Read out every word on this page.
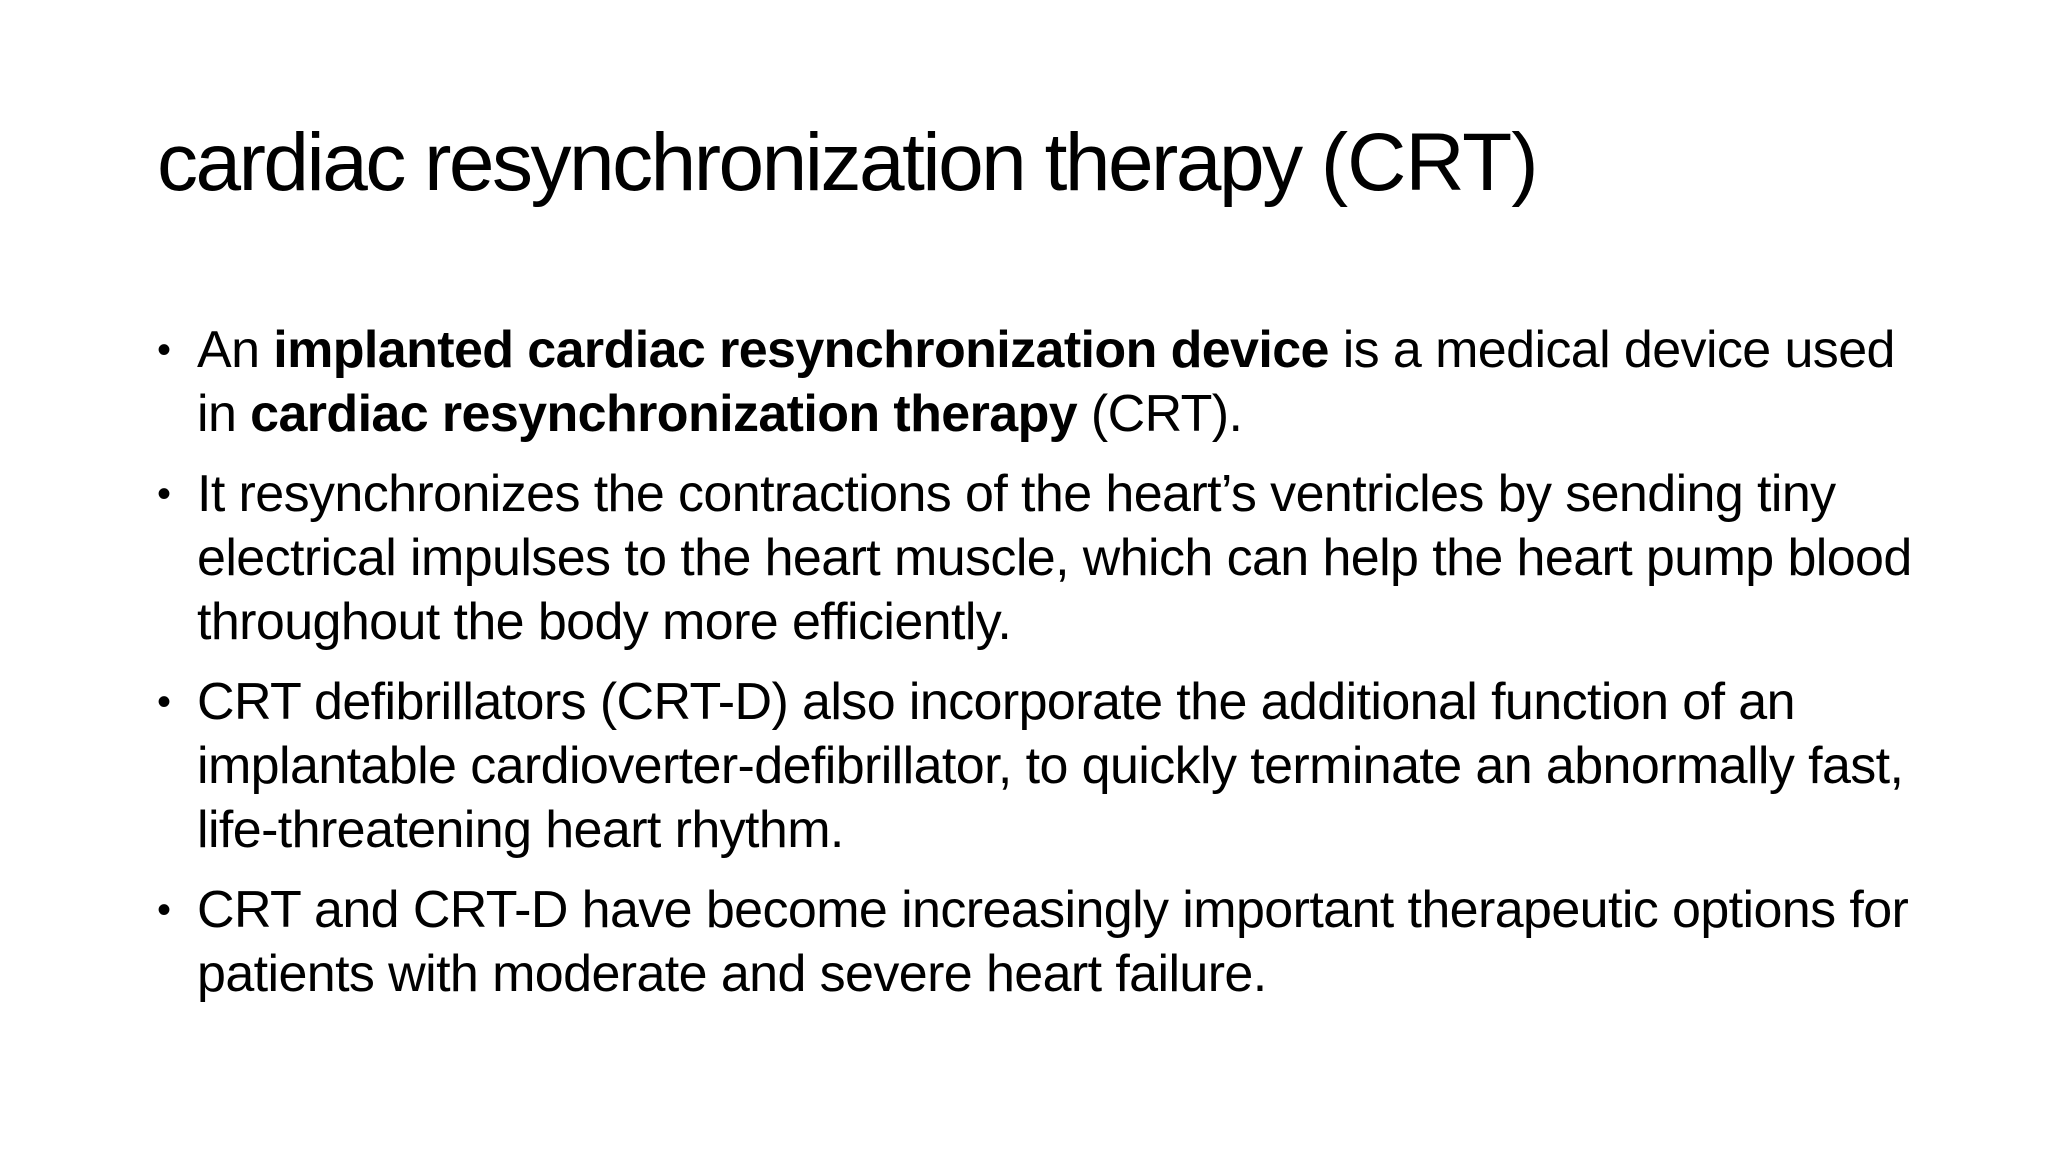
cardiac resynchronization therapy (CRT)
• An implanted cardiac resynchronization device is a medical device used in cardiac resynchronization therapy (CRT).
• It resynchronizes the contractions of the heart’s ventricles by sending tiny electrical impulses to the heart muscle, which can help the heart pump blood throughout the body more efficiently.
• CRT defibrillators (CRT-D) also incorporate the additional function of an implantable cardioverter-defibrillator, to quickly terminate an abnormally fast, life-threatening heart rhythm.
• CRT and CRT-D have become increasingly important therapeutic options for patients with moderate and severe heart failure.
